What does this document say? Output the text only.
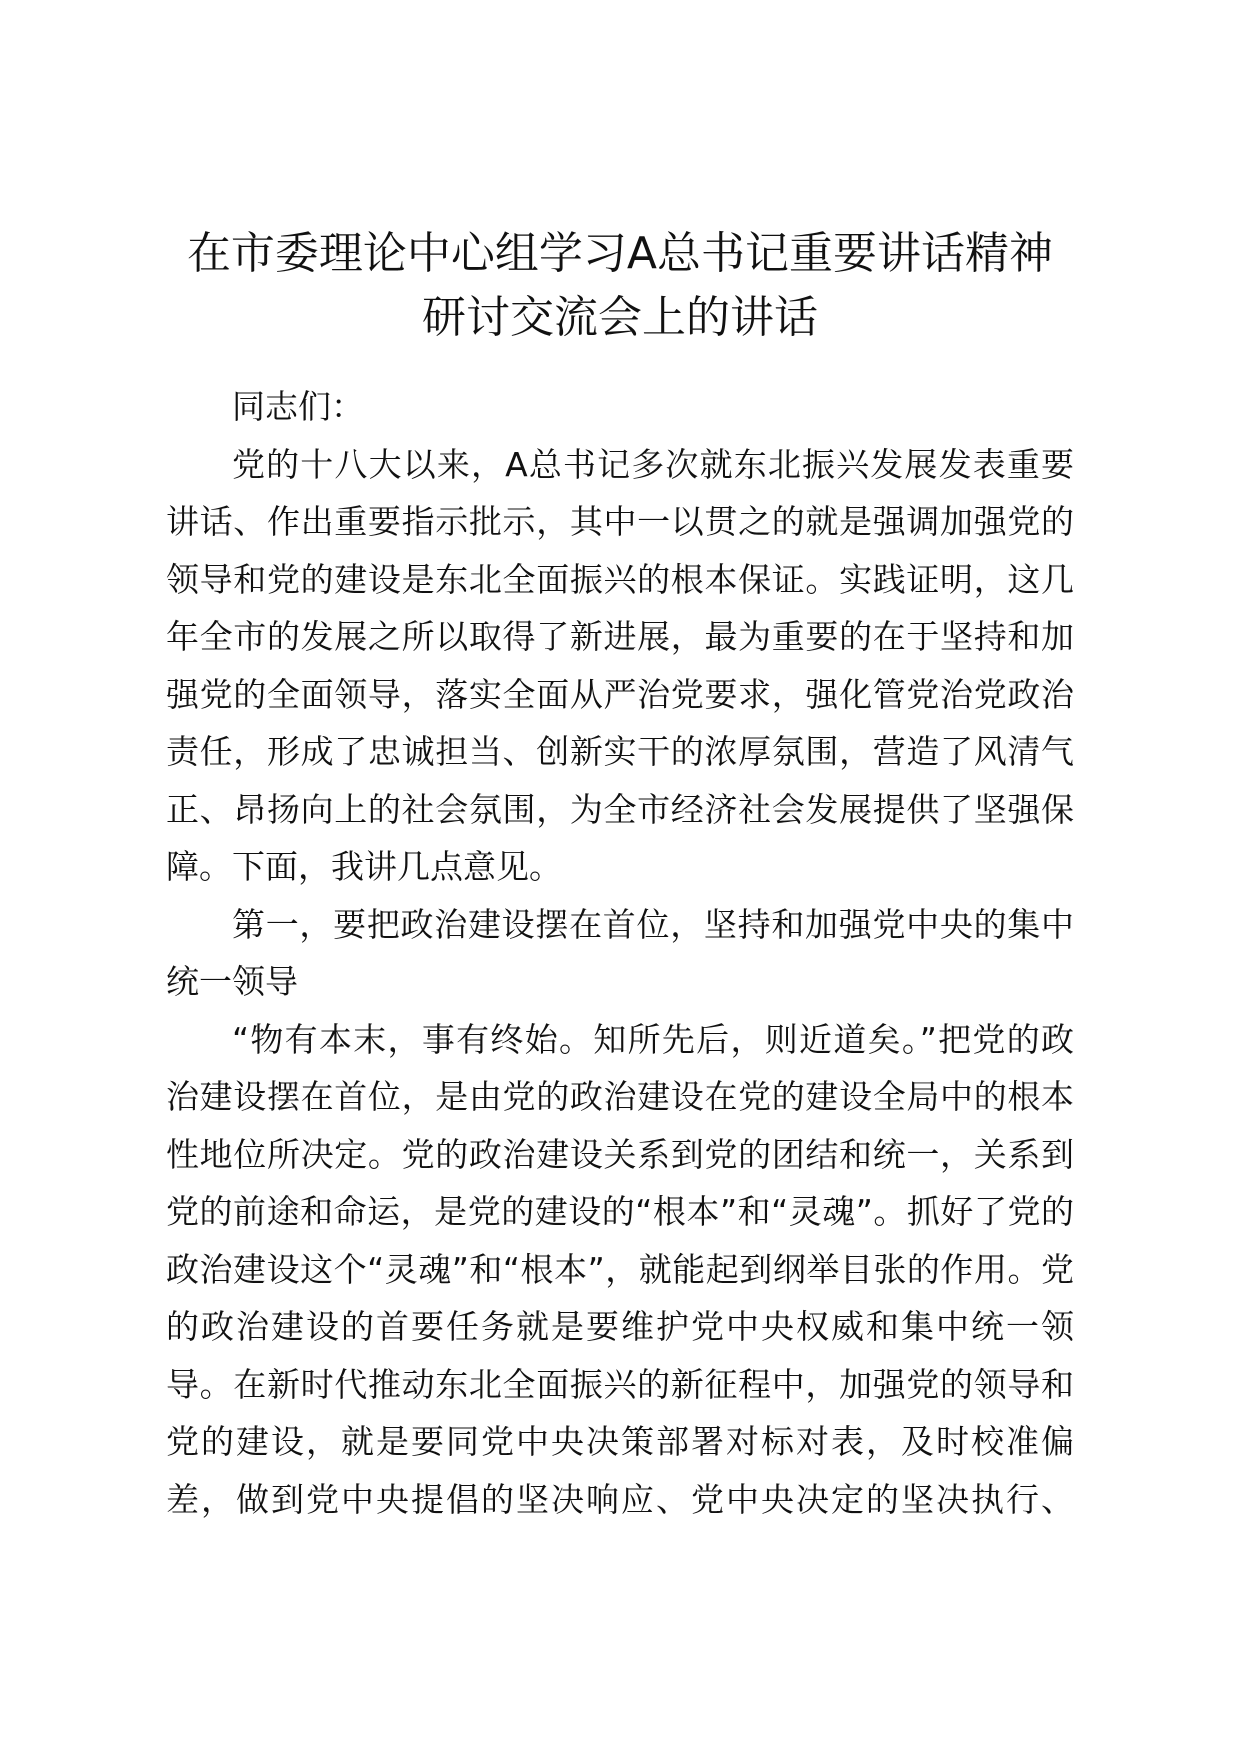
在市委理论中心组学习A总书记重要讲话精神
研讨交流会上的讲话

同志们：

党的十八大以来，A总书记多次就东北振兴发展发表重要讲话、作出重要指示批示，其中一以贯之的就是强调加强党的领导和党的建设是东北全面振兴的根本保证。实践证明，这几年全市的发展之所以取得了新进展，最为重要的在于坚持和加强党的全面领导，落实全面从严治党要求，强化管党治党政治责任，形成了忠诚担当、创新实干的浓厚氛围，营造了风清气正、昂扬向上的社会氛围，为全市经济社会发展提供了坚强保障。下面，我讲几点意见。

第一，要把政治建设摆在首位，坚持和加强党中央的集中统一领导

“物有本末，事有终始。知所先后，则近道矣。”把党的政治建设摆在首位，是由党的政治建设在党的建设全局中的根本性地位所决定。党的政治建设关系到党的团结和统一，关系到党的前途和命运，是党的建设的“根本”和“灵魂”。抓好了党的政治建设这个“灵魂”和“根本”，就能起到纲举目张的作用。党的政治建设的首要任务就是要维护党中央权威和集中统一领导。在新时代推动东北全面振兴的新征程中，加强党的领导和党的建设，就是要同党中央决策部署对标对表，及时校准偏差，做到党中央提倡的坚决响应、党中央决定的坚决执行、
